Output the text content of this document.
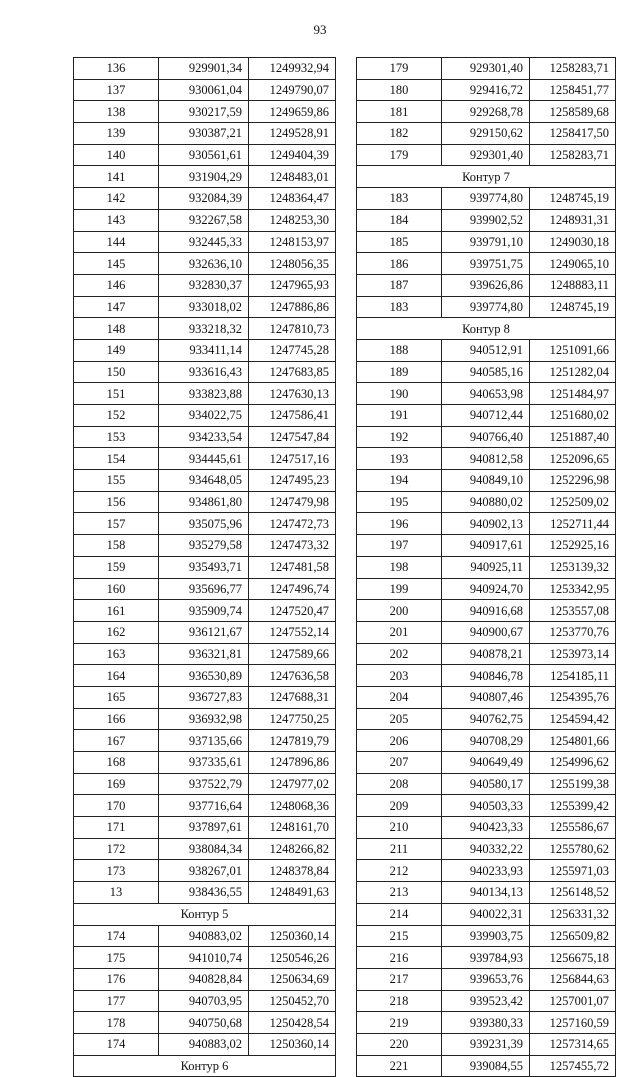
93
136	929901,34	1249932,94
137	930061,04	1249790,07
138	930217,59	1249659,86
139	930387,21	1249528,91
140	930561,61	1249404,39
141	931904,29	1248483,01
142	932084,39	1248364,47
143	932267,58	1248253,30
144	932445,33	1248153,97
145	932636,10	1248056,35
146	932830,37	1247965,93
147	933018,02	1247886,86
148	933218,32	1247810,73
149	933411,14	1247745,28
150	933616,43	1247683,85
151	933823,88	1247630,13
152	934022,75	1247586,41
153	934233,54	1247547,84
154	934445,61	1247517,16
155	934648,05	1247495,23
156	934861,80	1247479,98
157	935075,96	1247472,73
158	935279,58	1247473,32
159	935493,71	1247481,58
160	935696,77	1247496,74
161	935909,74	1247520,47
162	936121,67	1247552,14
163	936321,81	1247589,66
164	936530,89	1247636,58
165	936727,83	1247688,31
166	936932,98	1247750,25
167	937135,66	1247819,79
168	937335,61	1247896,86
169	937522,79	1247977,02
170	937716,64	1248068,36
171	937897,61	1248161,70
172	938084,34	1248266,82
173	938267,01	1248378,84
13	938436,55	1248491,63
Контур 5		
174	940883,02	1250360,14
175	941010,74	1250546,26
176	940828,84	1250634,69
177	940703,95	1250452,70
178	940750,68	1250428,54
174	940883,02	1250360,14
Контур 6		
179	929301,40	1258283,71
180	929416,72	1258451,77
181	929268,78	1258589,68
182	929150,62	1258417,50
179	929301,40	1258283,71
Контур 7		
183	939774,80	1248745,19
184	939902,52	1248931,31
185	939791,10	1249030,18
186	939751,75	1249065,10
187	939626,86	1248883,11
183	939774,80	1248745,19
Контур 8		
188	940512,91	1251091,66
189	940585,16	1251282,04
190	940653,98	1251484,97
191	940712,44	1251680,02
192	940766,40	1251887,40
193	940812,58	1252096,65
194	940849,10	1252296,98
195	940880,02	1252509,02
196	940902,13	1252711,44
197	940917,61	1252925,16
198	940925,11	1253139,32
199	940924,70	1253342,95
200	940916,68	1253557,08
201	940900,67	1253770,76
202	940878,21	1253973,14
203	940846,78	1254185,11
204	940807,46	1254395,76
205	940762,75	1254594,42
206	940708,29	1254801,66
207	940649,49	1254996,62
208	940580,17	1255199,38
209	940503,33	1255399,42
210	940423,33	1255586,67
211	940332,22	1255780,62
212	940233,93	1255971,03
213	940134,13	1256148,52
214	940022,31	1256331,32
215	939903,75	1256509,82
216	939784,93	1256675,18
217	939653,76	1256844,63
218	939523,42	1257001,07
219	939380,33	1257160,59
220	939231,39	1257314,65
221	939084,55	1257455,72
